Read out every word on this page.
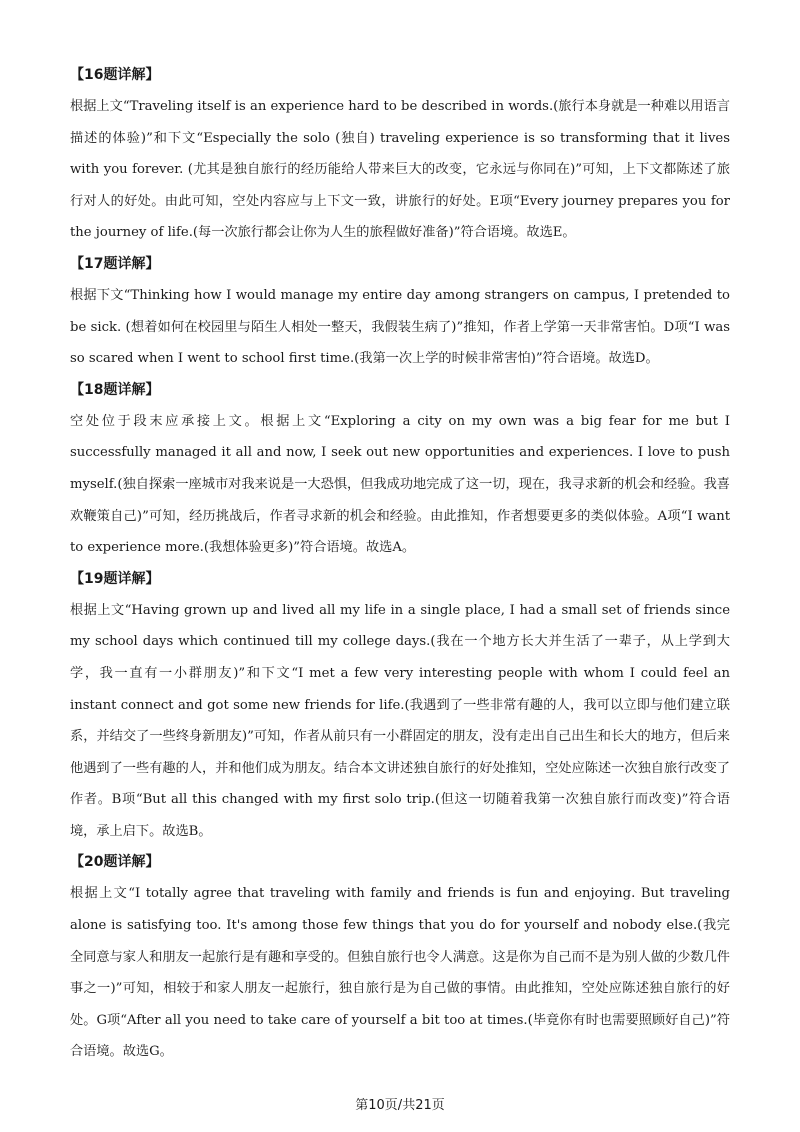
【16题详解】

根据上文“Traveling itself is an experience hard to be described in words.(旅行本身就是一种难以用语言描述的体验)”和下文“Especially the solo (独自) traveling experience is so transforming that it lives with you forever. (尤其是独自旅行的经历能给人带来巨大的改变，它永远与你同在)”可知，上下文都陈述了旅行对人的好处。由此可知，空处内容应与上下文一致，讲旅行的好处。E项“Every journey prepares you for the journey of life.(每一次旅行都会让你为人生的旅程做好准备)”符合语境。故选E。

【17题详解】

根据下文“Thinking how I would manage my entire day among strangers on campus, I pretended to be sick. (想着如何在校园里与陌生人相处一整天，我假装生病了)”推知，作者上学第一天非常害怕。D项“I was so scared when I went to school first time.(我第一次上学的时候非常害怕)”符合语境。故选D。

【18题详解】

空处位于段末应承接上文。根据上文“Exploring a city on my own was a big fear for me but I successfully managed it all and now, I seek out new opportunities and experiences. I love to push myself.(独自探索一座城市对我来说是一大恐惧，但我成功地完成了这一切，现在，我寻求新的机会和经验。我喜欢鞭策自己)”可知，经历挑战后，作者寻求新的机会和经验。由此推知，作者想要更多的类似体验。A项“I want to experience more.(我想体验更多)”符合语境。故选A。

【19题详解】

根据上文“Having grown up and lived all my life in a single place, I had a small set of friends since my school days which continued till my college days.(我在一个地方长大并生活了一辈子，从上学到大学，我一直有一小群朋友)”和下文“I met a few very interesting people with whom I could feel an instant connect and got some new friends for life.(我遇到了一些非常有趣的人，我可以立即与他们建立联系，并结交了一些终身新朋友)”可知，作者从前只有一小群固定的朋友，没有走出自己出生和长大的地方，但后来他遇到了一些有趣的人，并和他们成为朋友。结合本文讲述独自旅行的好处推知，空处应陈述一次独自旅行改变了作者。B项“But all this changed with my first solo trip.(但这一切随着我第一次独自旅行而改变)”符合语境，承上启下。故选B。

【20题详解】

根据上文“I totally agree that traveling with family and friends is fun and enjoying. But traveling alone is satisfying too. It's among those few things that you do for yourself and nobody else.(我完全同意与家人和朋友一起旅行是有趣和享受的。但独自旅行也令人满意。这是你为自己而不是为别人做的少数几件事之一)”可知，相较于和家人朋友一起旅行，独自旅行是为自己做的事情。由此推知，空处应陈述独自旅行的好处。G项“After all you need to take care of yourself a bit too at times.(毕竟你有时也需要照顾好自己)”符合语境。故选G。

第10页/共21页
